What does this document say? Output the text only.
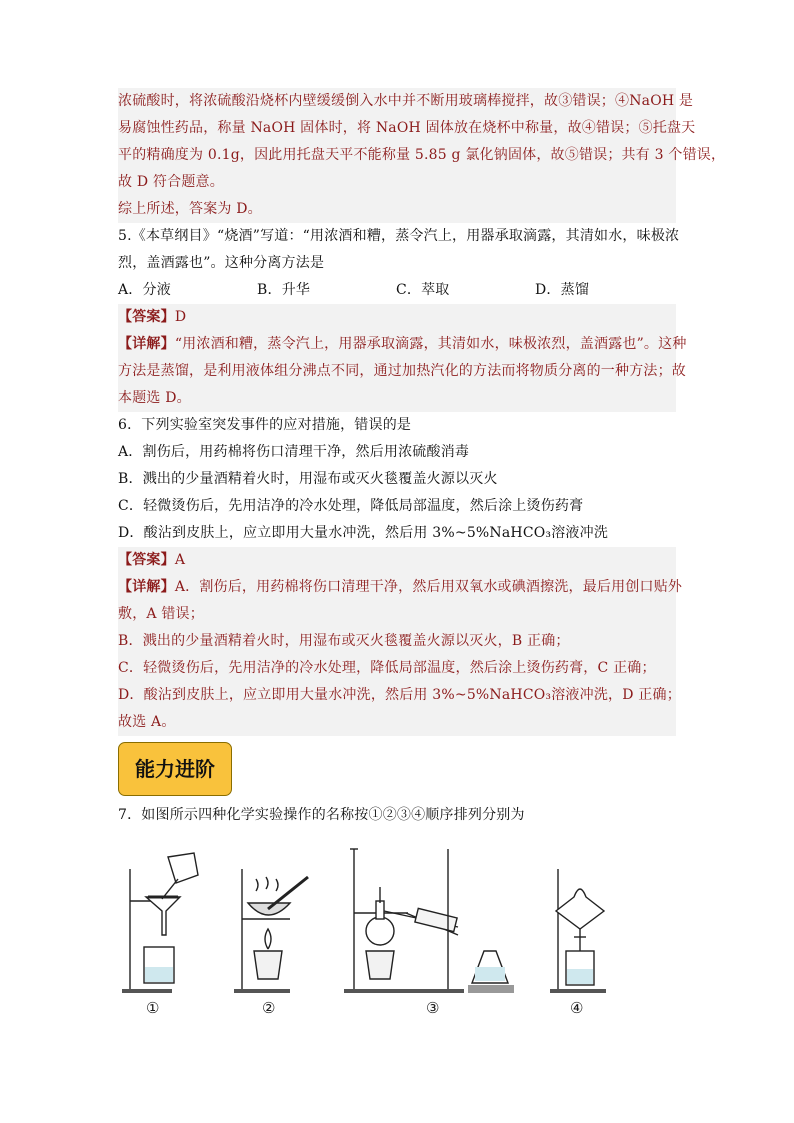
浓硫酸时，将浓硫酸沿烧杯内壁缓缓倒入水中并不断用玻璃棒搅拌，故③错误；④NaOH 是
易腐蚀性药品，称量 NaOH 固体时，将 NaOH 固体放在烧杯中称量，故④错误；⑤托盘天
平的精确度为 0.1g，因此用托盘天平不能称量 5.85 g 氯化钠固体，故⑤错误；共有 3 个错误，
故 D 符合题意。
综上所述，答案为 D。
5.《本草纲目》“烧酒”写道：“用浓酒和糟，蒸令汽上，用器承取滴露，其清如水，味极浓
烈，盖酒露也”。这种分离方法是
A．分液	B．升华	C．萃取	D．蒸馏
【答案】D
【详解】“用浓酒和糟，蒸令汽上，用器承取滴露，其清如水，味极浓烈，盖酒露也”。这种
方法是蒸馏，是利用液体组分沸点不同，通过加热汽化的方法而将物质分离的一种方法；故
本题选 D。
6．下列实验室突发事件的应对措施，错误的是
A．割伤后，用药棉将伤口清理干净，然后用浓硫酸消毒
B．溅出的少量酒精着火时，用湿布或灭火毯覆盖火源以灭火
C．轻微烫伤后，先用洁净的冷水处理，降低局部温度，然后涂上烫伤药膏
D．酸沾到皮肤上，应立即用大量水冲洗，然后用 3%~5%NaHCO₃溶液冲洗
【答案】A
【详解】A．割伤后，用药棉将伤口清理干净，然后用双氧水或碘酒擦洗，最后用创口贴外
敷，A 错误；
B．溅出的少量酒精着火时，用湿布或灭火毯覆盖火源以灭火，B 正确；
C．轻微烫伤后，先用洁净的冷水处理，降低局部温度，然后涂上烫伤药膏，C 正确；
D．酸沾到皮肤上，应立即用大量水冲洗，然后用 3%~5%NaHCO₃溶液冲洗，D 正确；
故选 A。
能力进阶
7．如图所示四种化学实验操作的名称按①②③④顺序排列分别为
①	②	③	④
